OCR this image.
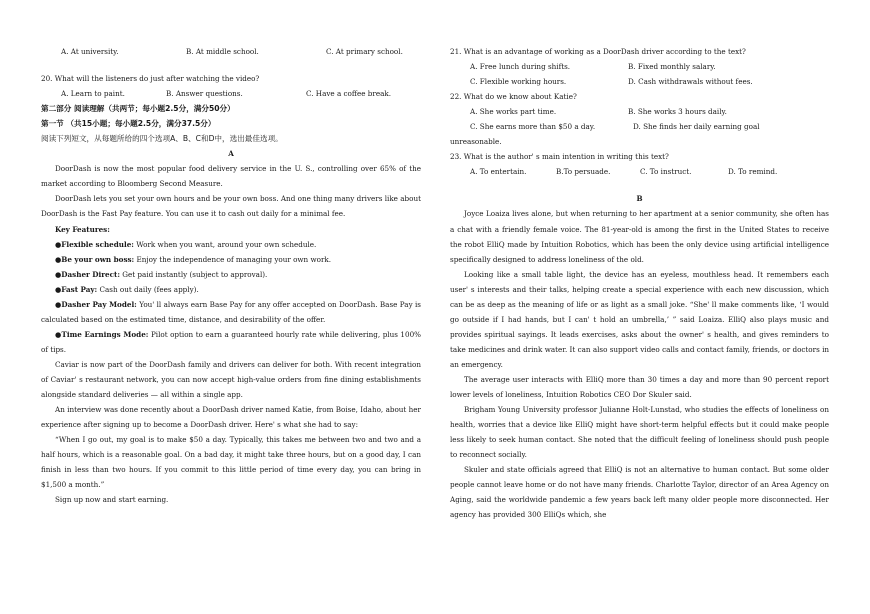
A. At university.	B. At middle school.	C. At primary school.

20. What will the listeners do just after watching the video?

A. Learn to paint.	B. Answer questions.	C. Have a coffee break.

第二部分 阅读理解（共两节；每小题2.5分，满分50分）

第一节 （共15小题；每小题2.5分，满分37.5分）

阅读下列短文，从每题所给的四个选项A、B、C和D中，选出最佳选项。

A

DoorDash is now the most popular food delivery service in the U. S., controlling over 65% of the market according to Bloomberg Second Measure.

DoorDash lets you set your own hours and be your own boss. And one thing many drivers like about DoorDash is the Fast Pay feature. You can use it to cash out daily for a minimal fee.

Key Features:

●Flexible schedule: Work when you want, around your own schedule.

●Be your own boss: Enjoy the independence of managing your own work.

●Dasher Direct: Get paid instantly (subject to approval).

●Fast Pay: Cash out daily (fees apply).

●Dasher Pay Model: You' ll always earn Base Pay for any offer accepted on DoorDash. Base Pay is calculated based on the estimated time, distance, and desirability of the offer.

●Time Earnings Mode: Pilot option to earn a guaranteed hourly rate while delivering, plus 100% of tips.

Caviar is now part of the DoorDash family and drivers can deliver for both. With recent integration of Caviar' s restaurant network, you can now accept high-value orders from fine dining establishments alongside standard deliveries — all within a single app.

An interview was done recently about a DoorDash driver named Katie, from Boise, Idaho, about her experience after signing up to become a DoorDash driver. Here' s what she had to say:

“When I go out, my goal is to make $50 a day. Typically, this takes me between two and two and a half hours, which is a reasonable goal. On a bad day, it might take three hours, but on a good day, I can finish in less than two hours. If you commit to this little period of time every day, you can bring in $1,500 a month.”

Sign up now and start earning.

21. What is an advantage of working as a DoorDash driver according to the text?

A. Free lunch during shifts.	B. Fixed monthly salary.
C. Flexible working hours.	D. Cash withdrawals without fees.

22. What do we know about Katie?

A. She works part time.	B. She works 3 hours daily.
C. She earns more than $50 a day.	D. She finds her daily earning goal

unreasonable.

23. What is the author' s main intention in writing this text?

A. To entertain.	B.To persuade.	C. To instruct.	D. To remind.

B

Joyce Loaiza lives alone, but when returning to her apartment at a senior community, she often has a chat with a friendly female voice. The 81-year-old is among the first in the United States to receive the robot ElliQ made by Intuition Robotics, which has been the only device using artificial intelligence specifically designed to address loneliness of the old.

Looking like a small table light, the device has an eyeless, mouthless head. It remembers each user' s interests and their talks, helping create a special experience with each new discussion, which can be as deep as the meaning of life or as light as a small joke. “She' ll make comments like, ‘I would go outside if I had hands, but I can' t hold an umbrella,’ ” said Loaiza. ElliQ also plays music and provides spiritual sayings. It leads exercises, asks about the owner' s health, and gives reminders to take medicines and drink water. It can also support video calls and contact family, friends, or doctors in an emergency.

The average user interacts with ElliQ more than 30 times a day and more than 90 percent report lower levels of loneliness, Intuition Robotics CEO Dor Skuler said.

Brigham Young University professor Julianne Holt-Lunstad, who studies the effects of loneliness on health, worries that a device like ElliQ might have short-term helpful effects but it could make people less likely to seek human contact. She noted that the difficult feeling of loneliness should push people to reconnect socially.

Skuler and state officials agreed that ElliQ is not an alternative to human contact. But some older people cannot leave home or do not have many friends. Charlotte Taylor, director of an Area Agency on Aging, said the worldwide pandemic a few years back left many older people more disconnected. Her agency has provided 300 ElliQs which, she
